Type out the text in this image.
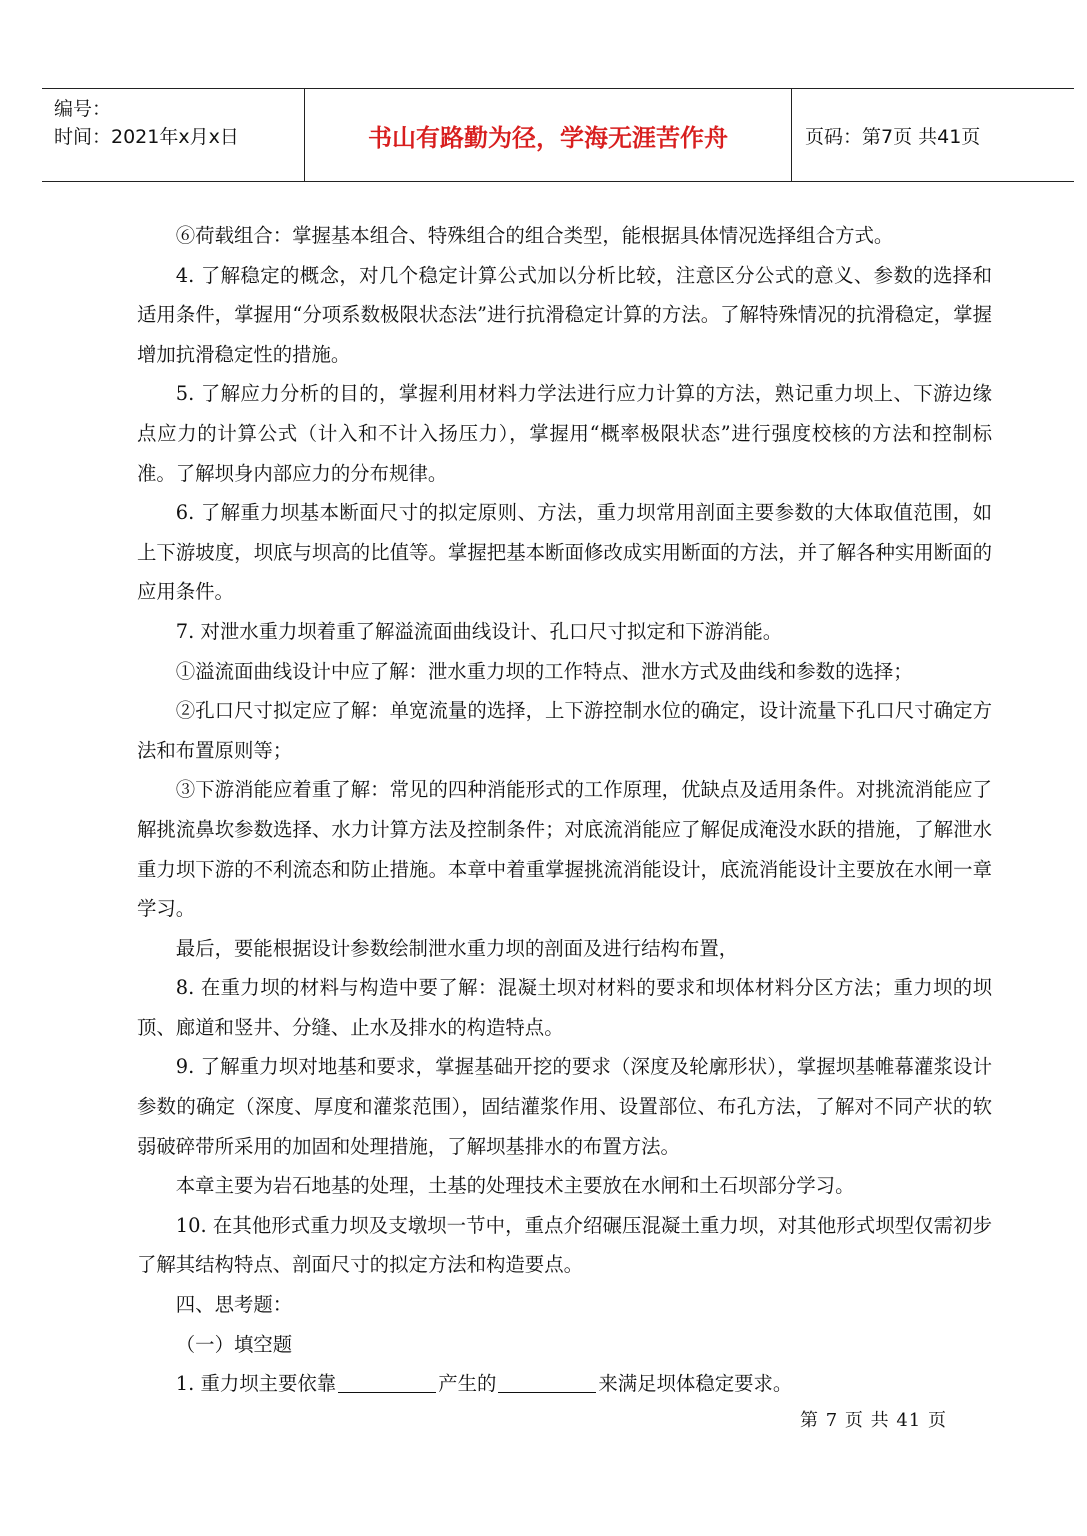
编号：
时间：2021年x月x日	书山有路勤为径，学海无涯苦作舟	页码：第7页 共41页

⑥荷载组合：掌握基本组合、特殊组合的组合类型，能根据具体情况选择组合方式。

4. 了解稳定的概念，对几个稳定计算公式加以分析比较，注意区分公式的意义、参数的选择和适用条件，掌握用“分项系数极限状态法”进行抗滑稳定计算的方法。了解特殊情况的抗滑稳定，掌握增加抗滑稳定性的措施。

5. 了解应力分析的目的，掌握利用材料力学法进行应力计算的方法，熟记重力坝上、下游边缘点应力的计算公式（计入和不计入扬压力），掌握用“概率极限状态”进行强度校核的方法和控制标准。了解坝身内部应力的分布规律。

6. 了解重力坝基本断面尺寸的拟定原则、方法，重力坝常用剖面主要参数的大体取值范围，如上下游坡度，坝底与坝高的比值等。掌握把基本断面修改成实用断面的方法，并了解各种实用断面的应用条件。

7. 对泄水重力坝着重了解溢流面曲线设计、孔口尺寸拟定和下游消能。

①溢流面曲线设计中应了解：泄水重力坝的工作特点、泄水方式及曲线和参数的选择；

②孔口尺寸拟定应了解：单宽流量的选择，上下游控制水位的确定，设计流量下孔口尺寸确定方法和布置原则等；

③下游消能应着重了解：常见的四种消能形式的工作原理，优缺点及适用条件。对挑流消能应了解挑流鼻坎参数选择、水力计算方法及控制条件；对底流消能应了解促成淹没水跃的措施，了解泄水重力坝下游的不利流态和防止措施。本章中着重掌握挑流消能设计，底流消能设计主要放在水闸一章学习。

最后，要能根据设计参数绘制泄水重力坝的剖面及进行结构布置，

8. 在重力坝的材料与构造中要了解：混凝土坝对材料的要求和坝体材料分区方法；重力坝的坝顶、廊道和竖井、分缝、止水及排水的构造特点。

9. 了解重力坝对地基和要求，掌握基础开挖的要求（深度及轮廓形状），掌握坝基帷幕灌浆设计参数的确定（深度、厚度和灌浆范围），固结灌浆作用、设置部位、布孔方法，了解对不同产状的软弱破碎带所采用的加固和处理措施，了解坝基排水的布置方法。

本章主要为岩石地基的处理，土基的处理技术主要放在水闸和土石坝部分学习。

10. 在其他形式重力坝及支墩坝一节中，重点介绍碾压混凝土重力坝，对其他形式坝型仅需初步了解其结构特点、剖面尺寸的拟定方法和构造要点。

四、思考题：

（一）填空题

1. 重力坝主要依靠	产生的	来满足坝体稳定要求。

第 7 页 共 41 页
